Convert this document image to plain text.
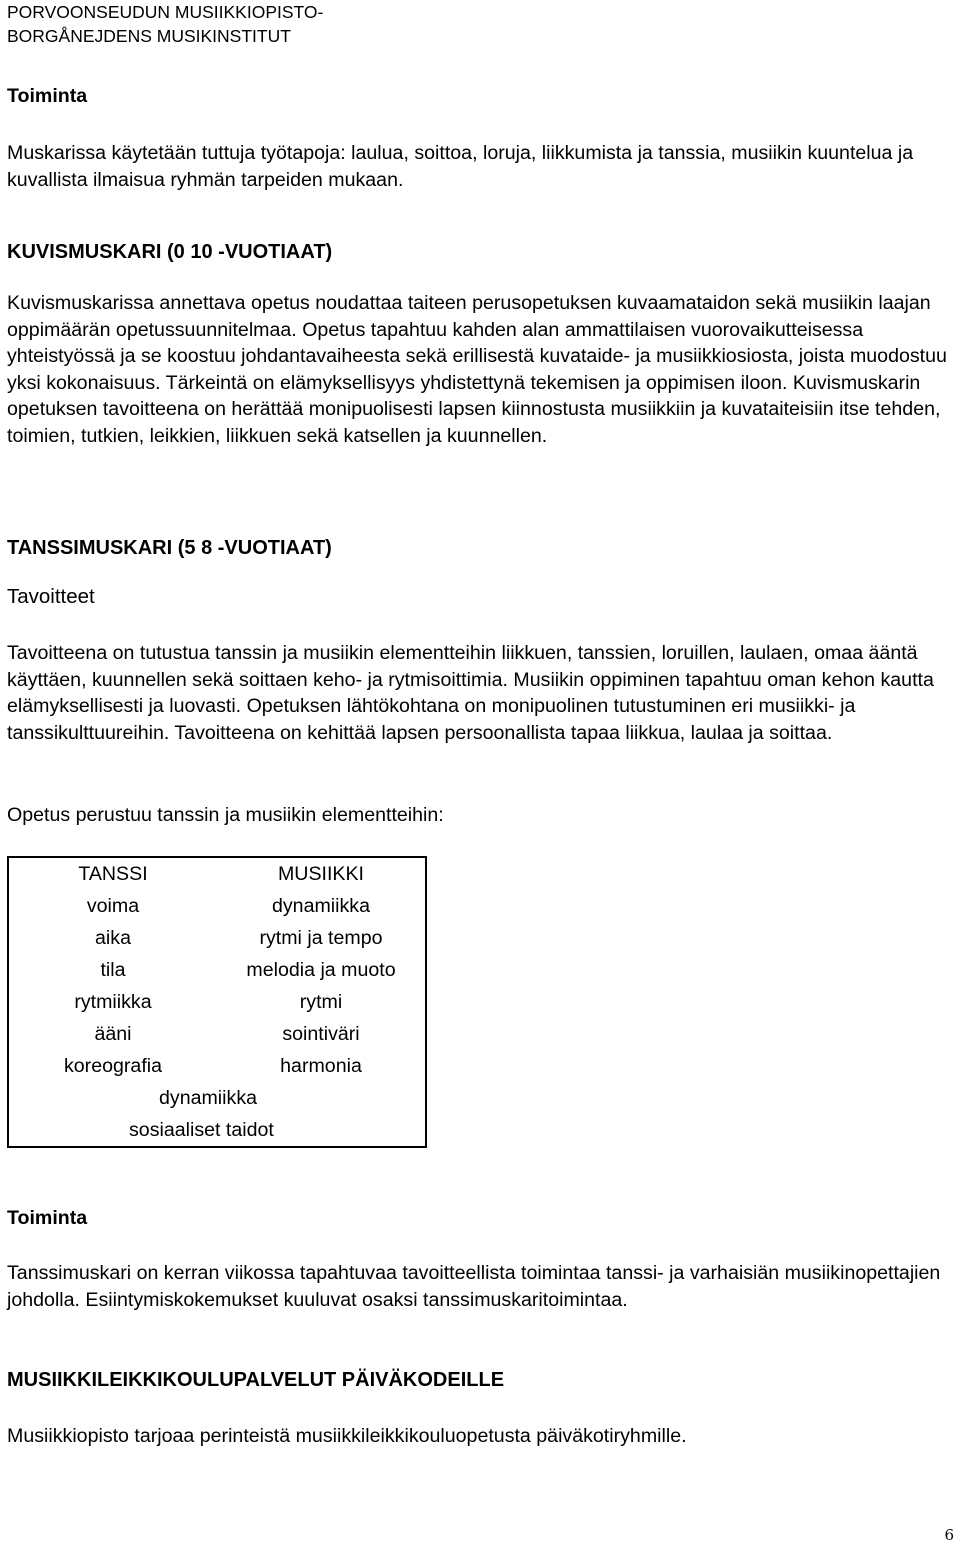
PORVOONSEUDUN MUSIIKKIOPISTO-
BORGÅNEJDENS MUSIKINSTITUT
Toiminta

Muskarissa käytetään tuttuja työtapoja: laulua, soittoa, loruja, liikkumista ja tanssia, musiikin kuuntelua ja kuvallista ilmaisua ryhmän tarpeiden mukaan.

KUVISMUSKARI (0 10 -VUOTIAAT)

Kuvismuskarissa annettava opetus noudattaa taiteen perusopetuksen kuvaamataidon sekä musiikin laajan oppimäärän opetussuunnitelmaa. Opetus tapahtuu kahden alan ammattilaisen vuorovaikutteisessa yhteistyössä ja se koostuu johdantavaiheesta sekä erillisestä kuvataide- ja musiikkiosiosta, joista muodostuu yksi kokonaisuus. Tärkeintä on elämyksellisyys yhdistettynä tekemisen ja oppimisen iloon. Kuvismuskarin opetuksen tavoitteena on herättää monipuolisesti lapsen kiinnostusta musiikkiin ja kuvataiteisiin itse tehden, toimien, tutkien, leikkien, liikkuen sekä katsellen ja kuunnellen.

TANSSIMUSKARI (5 8 -VUOTIAAT)
Tavoitteet

Tavoitteena on tutustua tanssin ja musiikin elementteihin liikkuen, tanssien, loruillen, laulaen, omaa ääntä käyttäen, kuunnellen sekä soittaen keho- ja rytmisoittimia. Musiikin oppiminen tapahtuu oman kehon kautta elämyksellisesti ja luovasti. Opetuksen lähtökohtana on monipuolinen tutustuminen eri musiikki- ja tanssikulttuureihin. Tavoitteena on kehittää lapsen persoonallista tapaa liikkua, laulaa ja soittaa.

Opetus perustuu tanssin ja musiikin elementteihin:

TANSSI	MUSIIKKI
voima	dynamiikka
aika	rytmi ja tempo
tila	melodia ja muoto
rytmiikka	rytmi
ääni	sointiväri
koreografia	harmonia
dynamiikka	
sosiaaliset taidot	
Toiminta

Tanssimuskari on kerran viikossa tapahtuvaa tavoitteellista toimintaa tanssi- ja varhaisiän musiikinopettajien johdolla. Esiintymiskokemukset kuuluvat osaksi tanssimuskaritoimintaa.

MUSIIKKILEIKKIKOULUPALVELUT PÄIVÄKODEILLE

Musiikkiopisto tarjoaa perinteistä musiikkileikkikouluopetusta päiväkotiryhmille.

6
